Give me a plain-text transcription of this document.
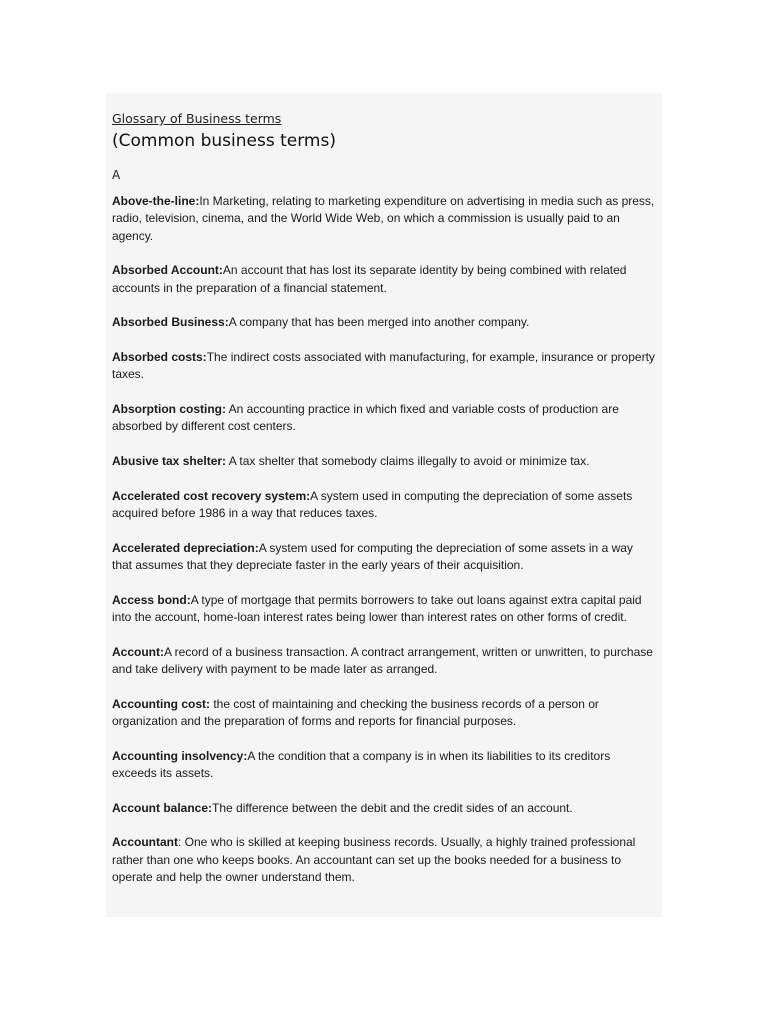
Glossary of Business terms
(Common business terms)
A

Above-the-line:In Marketing, relating to marketing expenditure on advertising in media such as press, radio, television, cinema, and the World Wide Web, on which a commission is usually paid to an agency.

Absorbed Account:An account that has lost its separate identity by being combined with related accounts in the preparation of a financial statement.

Absorbed Business:A company that has been merged into another company.

Absorbed costs:The indirect costs associated with manufacturing, for example, insurance or property taxes.

Absorption costing: An accounting practice in which fixed and variable costs of production are absorbed by different cost centers.

Abusive tax shelter: A tax shelter that somebody claims illegally to avoid or minimize tax.

Accelerated cost recovery system:A system used in computing the depreciation of some assets acquired before 1986 in a way that reduces taxes.

Accelerated depreciation:A system used for computing the depreciation of some assets in a way that assumes that they depreciate faster in the early years of their acquisition.

Access bond:A type of mortgage that permits borrowers to take out loans against extra capital paid into the account, home-loan interest rates being lower than interest rates on other forms of credit.

Account:A record of a business transaction. A contract arrangement, written or unwritten, to purchase and take delivery with payment to be made later as arranged.

Accounting cost: the cost of maintaining and checking the business records of a person or organization and the preparation of forms and reports for financial purposes.

Accounting insolvency:A the condition that a company is in when its liabilities to its creditors exceeds its assets.

Account balance:The difference between the debit and the credit sides of an account.

Accountant: One who is skilled at keeping business records. Usually, a highly trained professional rather than one who keeps books. An accountant can set up the books needed for a business to operate and help the owner understand them.
